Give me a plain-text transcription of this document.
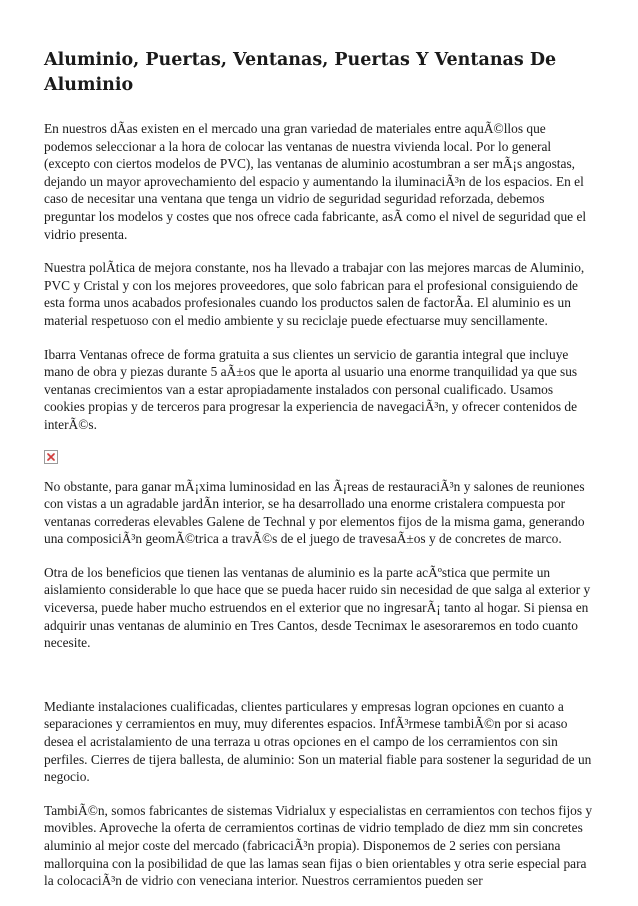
Aluminio, Puertas, Ventanas, Puertas Y Ventanas De Aluminio

En nuestros dÃas existen en el mercado una gran variedad de materiales entre aquÃ©llos que podemos seleccionar a la hora de colocar las ventanas de nuestra vivienda local. Por lo general (excepto con ciertos modelos de PVC), las ventanas de aluminio acostumbran a ser mÃ¡s angostas, dejando un mayor aprovechamiento del espacio y aumentando la iluminaciÃ³n de los espacios. En el caso de necesitar una ventana que tenga un vidrio de seguridad seguridad reforzada, debemos preguntar los modelos y costes que nos ofrece cada fabricante, asÃ como el nivel de seguridad que el vidrio presenta.

Nuestra polÃtica de mejora constante, nos ha llevado a trabajar con las mejores marcas de Aluminio, PVC y Cristal y con los mejores proveedores, que solo fabrican para el profesional consiguiendo de esta forma unos acabados profesionales cuando los productos salen de factorÃa. El aluminio es un material respetuoso con el medio ambiente y su reciclaje puede efectuarse muy sencillamente.

Ibarra Ventanas ofrece de forma gratuita a sus clientes un servicio de garantia integral que incluye mano de obra y piezas durante 5 aÃ±os que le aporta al usuario una enorme tranquilidad ya que sus ventanas crecimientos van a estar apropiadamente instalados con personal cualificado. Usamos cookies propias y de terceros para progresar la experiencia de navegaciÃ³n, y ofrecer contenidos de interÃ©s.

No obstante, para ganar mÃ¡xima luminosidad en las Ã¡reas de restauraciÃ³n y salones de reuniones con vistas a un agradable jardÃn interior, se ha desarrollado una enorme cristalera compuesta por ventanas correderas elevables Galene de Technal y por elementos fijos de la misma gama, generando una composiciÃ³n geomÃ©trica a travÃ©s de el juego de travesaÃ±os y de concretes de marco.

Otra de los beneficios que tienen las ventanas de aluminio es la parte acÃºstica que permite un aislamiento considerable lo que hace que se pueda hacer ruido sin necesidad de que salga al exterior y viceversa, puede haber mucho estruendos en el exterior que no ingresarÃ¡ tanto al hogar. Si piensa en adquirir unas ventanas de aluminio en Tres Cantos, desde Tecnimax le asesoraremos en todo cuanto necesite.

Mediante instalaciones cualificadas, clientes particulares y empresas logran opciones en cuanto a separaciones y cerramientos en muy, muy diferentes espacios. InfÃ³rmese tambiÃ©n por si acaso desea el acristalamiento de una terraza u otras opciones en el campo de los cerramientos con sin perfiles. Cierres de tijera ballesta, de aluminio: Son un material fiable para sostener la seguridad de un negocio.

TambiÃ©n, somos fabricantes de sistemas Vidrialux y especialistas en cerramientos con techos fijos y movibles. Aproveche la oferta de cerramientos cortinas de vidrio templado de diez mm sin concretes aluminio al mejor coste del mercado (fabricaciÃ³n propia). Disponemos de 2 series con persiana mallorquina con la posibilidad de que las lamas sean fijas o bien orientables y otra serie especial para la colocaciÃ³n de vidrio con veneciana interior. Nuestros cerramientos pueden ser
